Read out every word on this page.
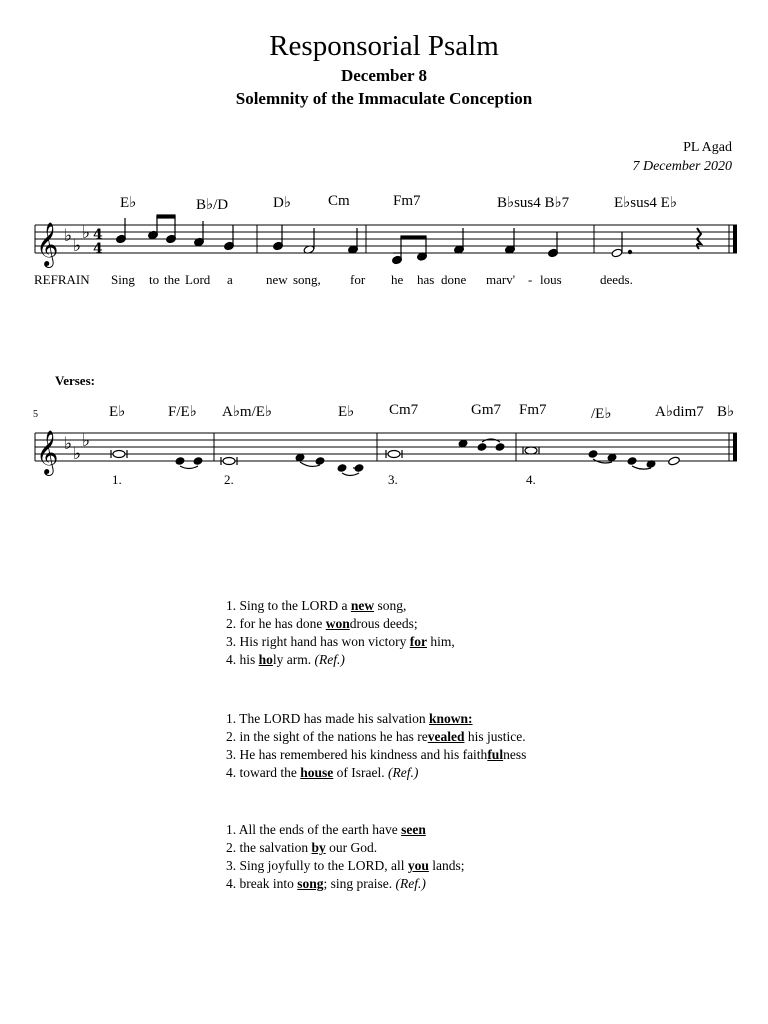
Responsorial Psalm
December 8
Solemnity of the Immaculate Conception
PL Agad
7 December 2020
E♭	B♭/D	D♭ Cm	Fm7	B♭sus4 B♭7	E♭sus4 E♭
𝄞 ♭ ♭
♭ 4
4
REFRAIN Sing to the Lord a	new song, for he has done marv' - lous	deeds.
Verses:
5	E♭	F/E♭ A♭m/E♭	E♭ Cm7	Gm7 Fm7	/E♭	A♭dim7 B♭
𝄞 ♭ ♭
♭
1.	2.	3.	4.
1. Sing to the LORD a new song,
2. for he has done wondrous deeds;
3. His right hand has won victory for him,
4. his holy arm. (Ref.)
1. The LORD has made his salvation known:
2. in the sight of the nations he has revealed his justice.
3. He has remembered his kindness and his faithfulness
4. toward the house of Israel. (Ref.)
1. All the ends of the earth have seen
2. the salvation by our God.
3. Sing joyfully to the LORD, all you lands;
4. break into song; sing praise. (Ref.)
